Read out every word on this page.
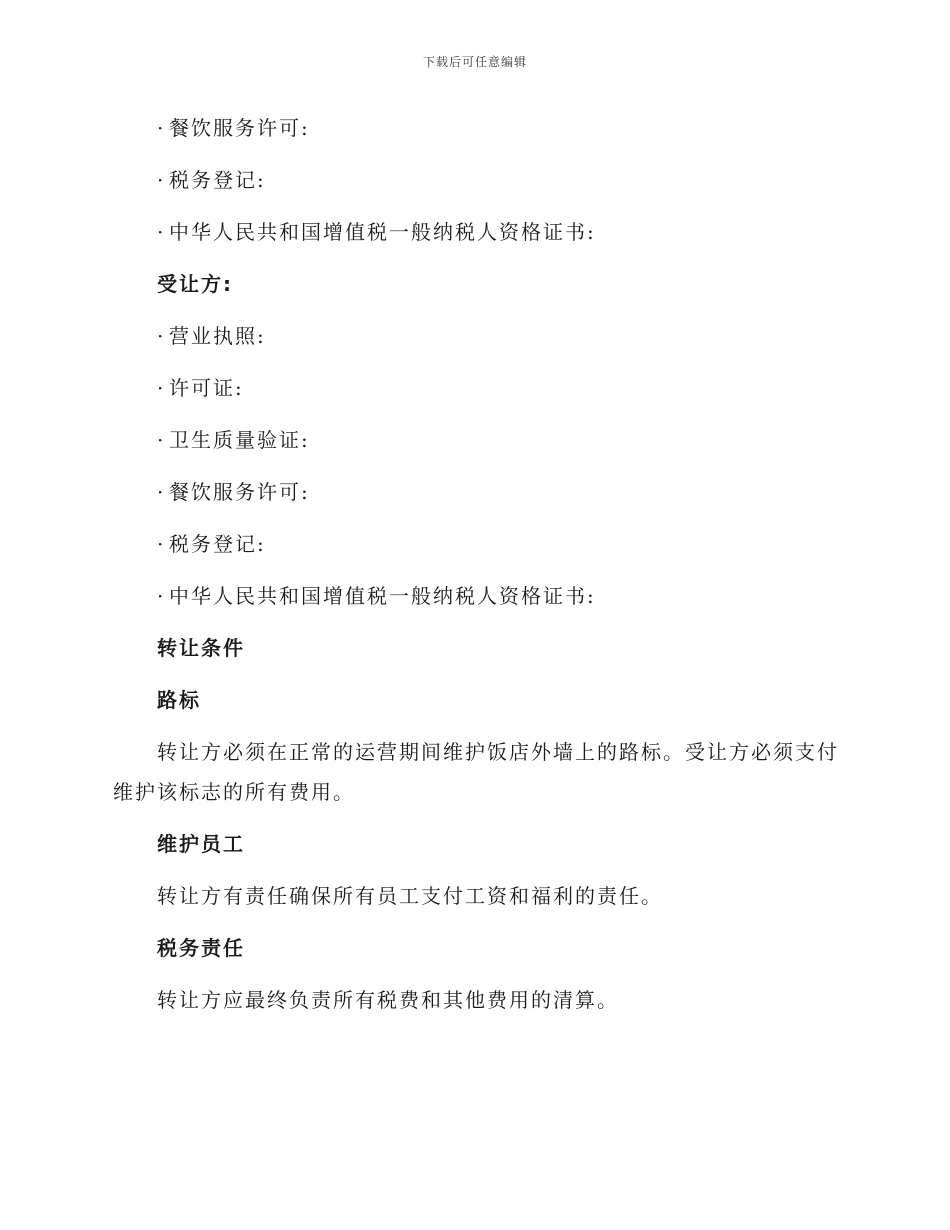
下载后可任意编辑
· 餐饮服务许可:
· 税务登记:
· 中华人民共和国增值税一般纳税人资格证书:
受让方:
· 营业执照:
· 许可证:
· 卫生质量验证:
· 餐饮服务许可:
· 税务登记:
· 中华人民共和国增值税一般纳税人资格证书:
转让条件
路标
转让方必须在正常的运营期间维护饭店外墙上的路标。受让方必须支付维护该标志的所有费用。
维护员工
转让方有责任确保所有员工支付工资和福利的责任。
税务责任
转让方应最终负责所有税费和其他费用的清算。
